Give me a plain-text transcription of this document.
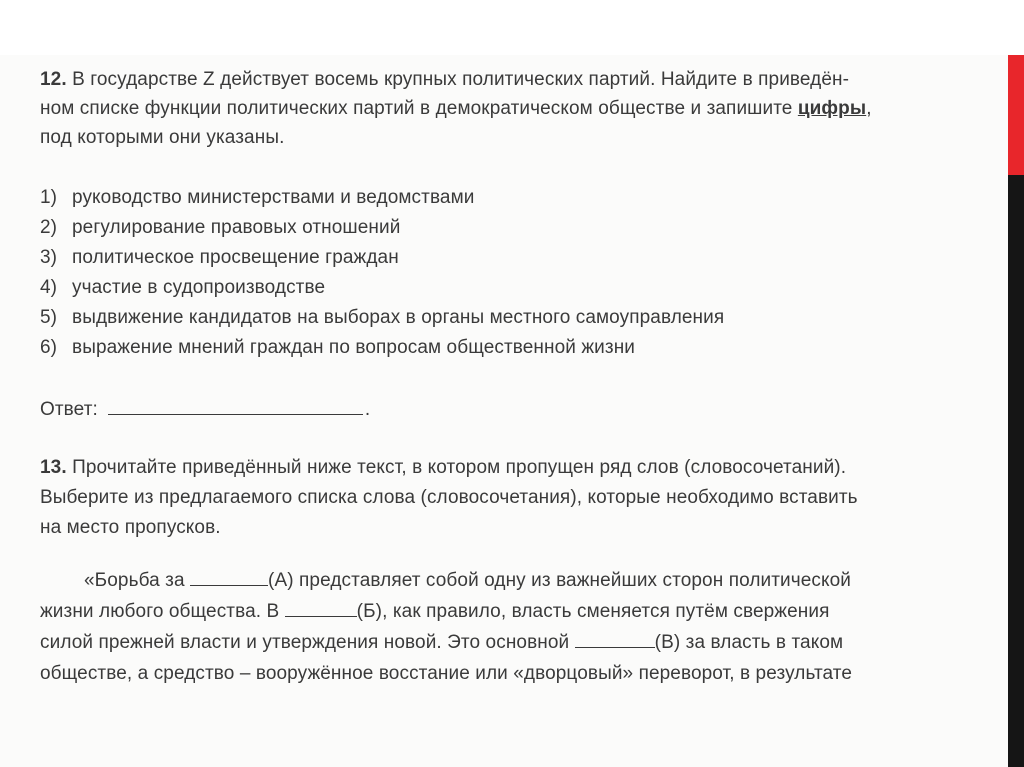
12. В государстве Z действует восемь крупных политических партий. Найдите в приведён-
ном списке функции политических партий в демократическом обществе и запишите цифры,
под которыми они указаны.
1) руководство министерствами и ведомствами
2) регулирование правовых отношений
3) политическое просвещение граждан
4) участие в судопроизводстве
5) выдвижение кандидатов на выборах в органы местного самоуправления
6) выражение мнений граждан по вопросам общественной жизни
Ответ:	.
13. Прочитайте приведённый ниже текст, в котором пропущен ряд слов (словосочетаний).
Выберите из предлагаемого списка слова (словосочетания), которые необходимо вставить
на место пропусков.
«Борьба за	(А) представляет собой одну из важнейших сторон политической
жизни любого общества. В	(Б), как правило, власть сменяется путём свержения
силой прежней власти и утверждения новой. Это основной	(В) за власть в таком
обществе, а средство – вооружённое восстание или «дворцовый» переворот, в результате
